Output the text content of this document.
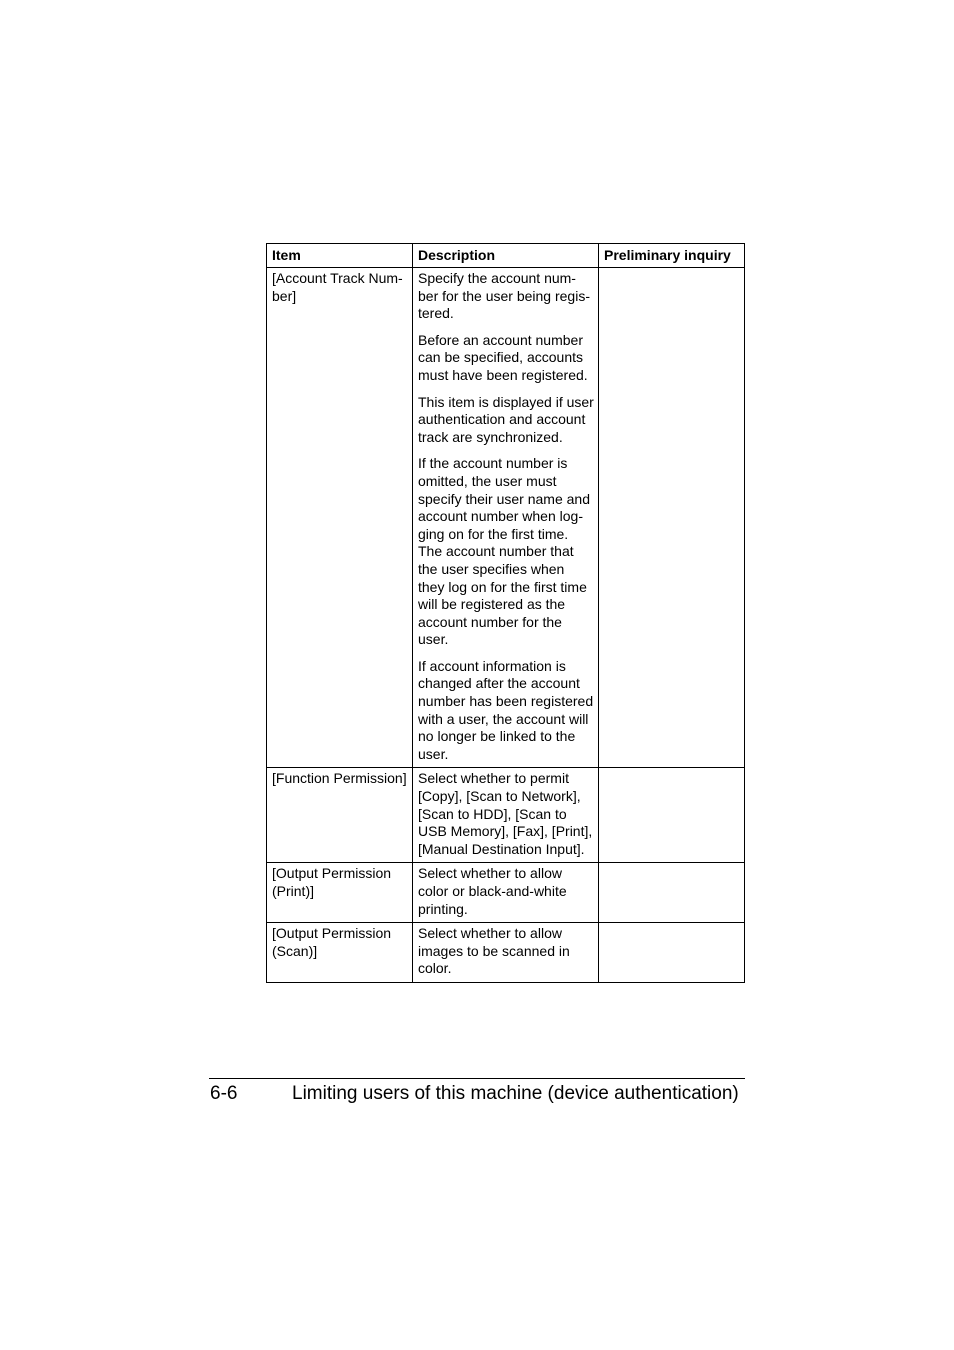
Item	Description	Preliminary inquiry
[Account Track Num-ber]	Specify the account num-ber for the user being regis-tered.

Before an account number can be specified, accounts must have been registered.

This item is displayed if user authentication and account track are synchronized.

If the account number is omitted, the user must specify their user name and account number when log-ging on for the first time. The account number that the user specifies when they log on for the first time will be registered as the account number for the user.

If account information is changed after the account number has been registered with a user, the account will no longer be linked to the user.	

[Function Permission]	Select whether to permit [Copy], [Scan to Network], [Scan to HDD], [Scan to USB Memory], [Fax], [Print], [Manual Destination Input].	

[Output Permission (Print)]	Select whether to allow color or black-and-white printing.	

[Output Permission (Scan)]	Select whether to allow images to be scanned in color.	

6-6	Limiting users of this machine (device authentication)
